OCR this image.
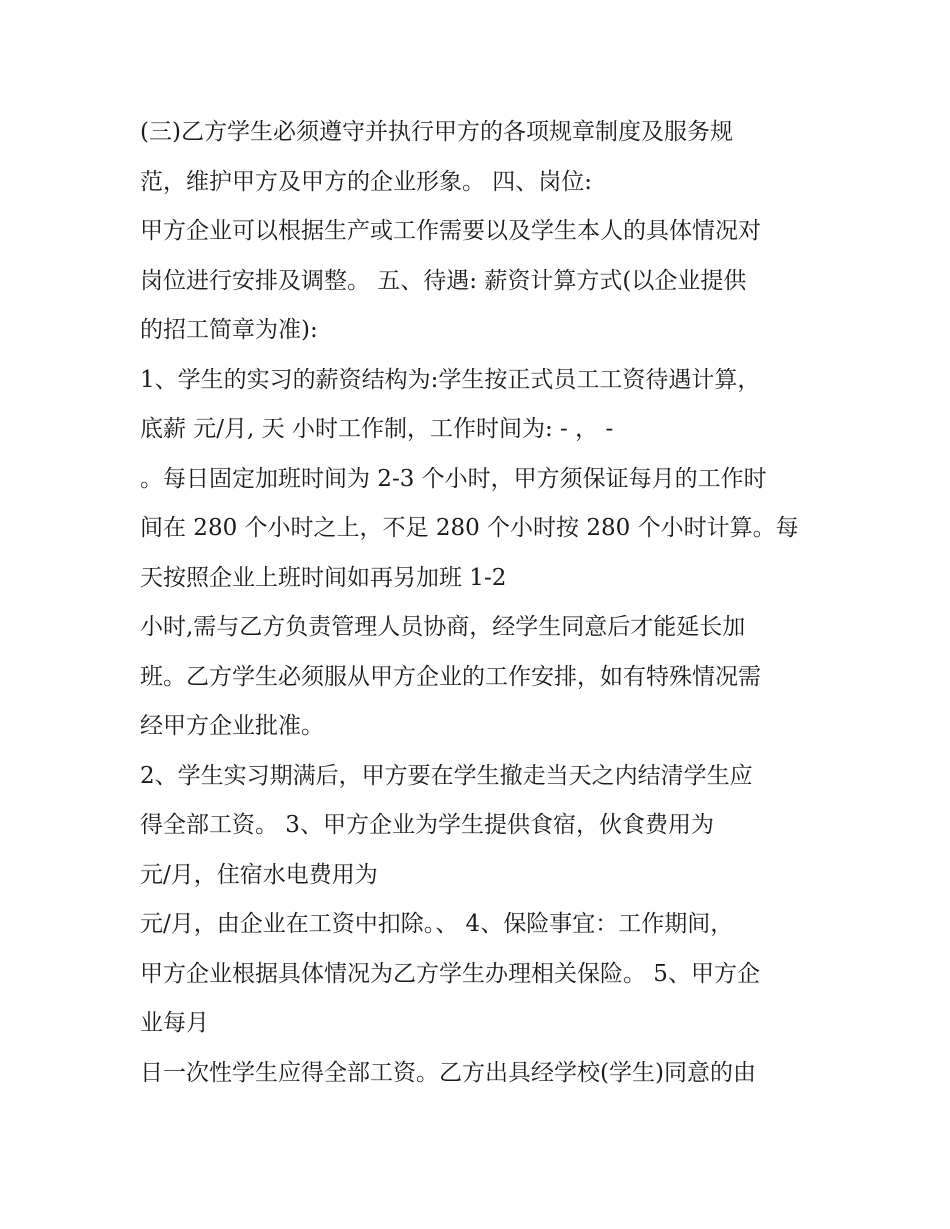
(三)乙方学生必须遵守并执行甲方的各项规章制度及服务规
范，维护甲方及甲方的企业形象。 四、岗位:
甲方企业可以根据生产或工作需要以及学生本人的具体情况对
岗位进行安排及调整。 五、待遇: 薪资计算方式(以企业提供
的招工简章为准):
1、学生的实习的薪资结构为:学生按正式员工工资待遇计算，
底薪 元/月, 天 小时工作制，工作时间为: - ， -
。每日固定加班时间为 2-3 个小时，甲方须保证每月的工作时
间在 280 个小时之上，不足 280 个小时按 280 个小时计算。每
天按照企业上班时间如再另加班 1-2
小时,需与乙方负责管理人员协商，经学生同意后才能延长加
班。乙方学生必须服从甲方企业的工作安排，如有特殊情况需
经甲方企业批准。
2、学生实习期满后，甲方要在学生撤走当天之内结清学生应
得全部工资。 3、甲方企业为学生提供食宿，伙食费用为
元/月，住宿水电费用为
元/月，由企业在工资中扣除。、 4、保险事宜：工作期间，
甲方企业根据具体情况为乙方学生办理相关保险。 5、甲方企
业每月
日一次性学生应得全部工资。乙方出具经学校(学生)同意的由
